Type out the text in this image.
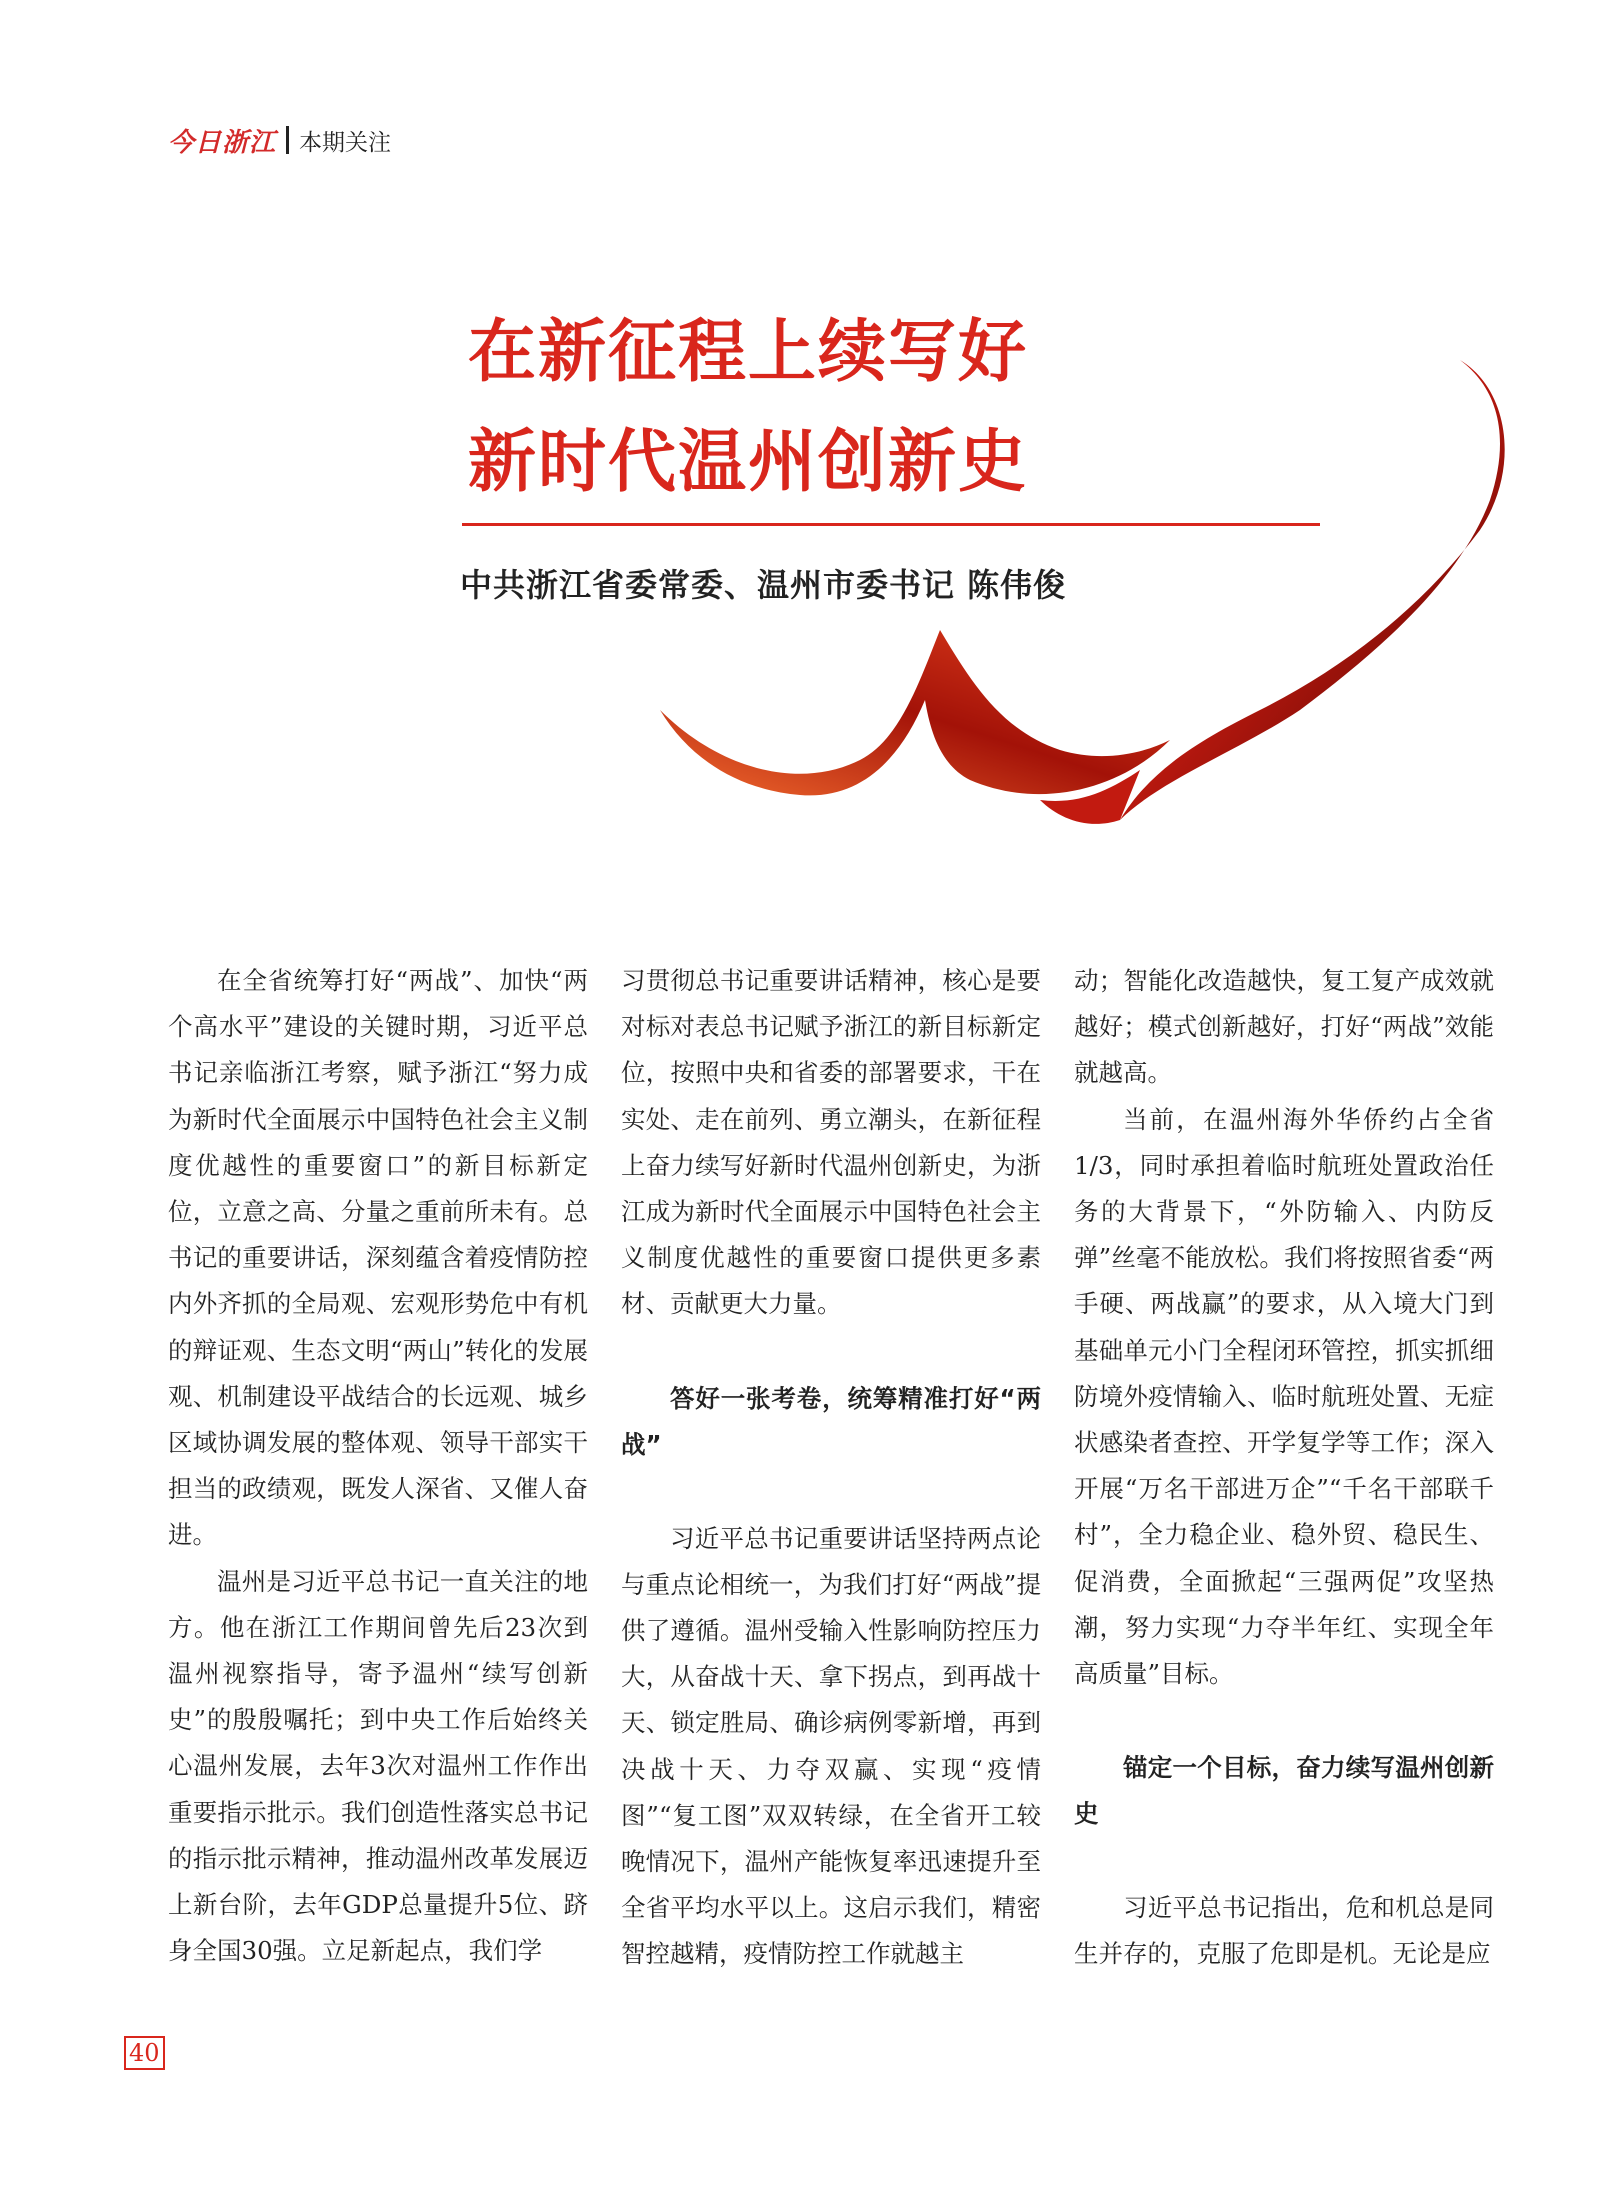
今日浙江 本期关注
在新征程上续写好
新时代温州创新史
中共浙江省委常委、温州市委书记 陈伟俊

在全省统筹打好“两战”、加快“两个高水平”建设的关键时期，习近平总书记亲临浙江考察，赋予浙江“努力成为新时代全面展示中国特色社会主义制度优越性的重要窗口”的新目标新定位，立意之高、分量之重前所未有。总书记的重要讲话，深刻蕴含着疫情防控内外齐抓的全局观、宏观形势危中有机的辩证观、生态文明“两山”转化的发展观、机制建设平战结合的长远观、城乡区域协调发展的整体观、领导干部实干担当的政绩观，既发人深省、又催人奋进。

温州是习近平总书记一直关注的地方。他在浙江工作期间曾先后23次到温州视察指导，寄予温州“续写创新史”的殷殷嘱托；到中央工作后始终关心温州发展，去年3次对温州工作作出重要指示批示。我们创造性落实总书记的指示批示精神，推动温州改革发展迈上新台阶，去年GDP总量提升5位、跻身全国30强。立足新起点，我们学

习贯彻总书记重要讲话精神，核心是要对标对表总书记赋予浙江的新目标新定位，按照中央和省委的部署要求，干在实处、走在前列、勇立潮头，在新征程上奋力续写好新时代温州创新史，为浙江成为新时代全面展示中国特色社会主义制度优越性的重要窗口提供更多素材、贡献更大力量。

答好一张考卷，统筹精准打好“两战”

习近平总书记重要讲话坚持两点论与重点论相统一，为我们打好“两战”提供了遵循。温州受输入性影响防控压力大，从奋战十天、拿下拐点，到再战十天、锁定胜局、确诊病例零新增，再到决战十天、力夺双赢、实现“疫情图”“复工图”双双转绿，在全省开工较晚情况下，温州产能恢复率迅速提升至全省平均水平以上。这启示我们，精密智控越精，疫情防控工作就越主

动；智能化改造越快，复工复产成效就越好；模式创新越好，打好“两战”效能就越高。

当前，在温州海外华侨约占全省1/3，同时承担着临时航班处置政治任务的大背景下，“外防输入、内防反弹”丝毫不能放松。我们将按照省委“两手硬、两战赢”的要求，从入境大门到基础单元小门全程闭环管控，抓实抓细防境外疫情输入、临时航班处置、无症状感染者查控、开学复学等工作；深入开展“万名干部进万企”“千名干部联千村”，全力稳企业、稳外贸、稳民生、促消费，全面掀起“三强两促”攻坚热潮，努力实现“力夺半年红、实现全年高质量”目标。

锚定一个目标，奋力续写温州创新史

习近平总书记指出，危和机总是同生并存的，克服了危即是机。无论是应

40
